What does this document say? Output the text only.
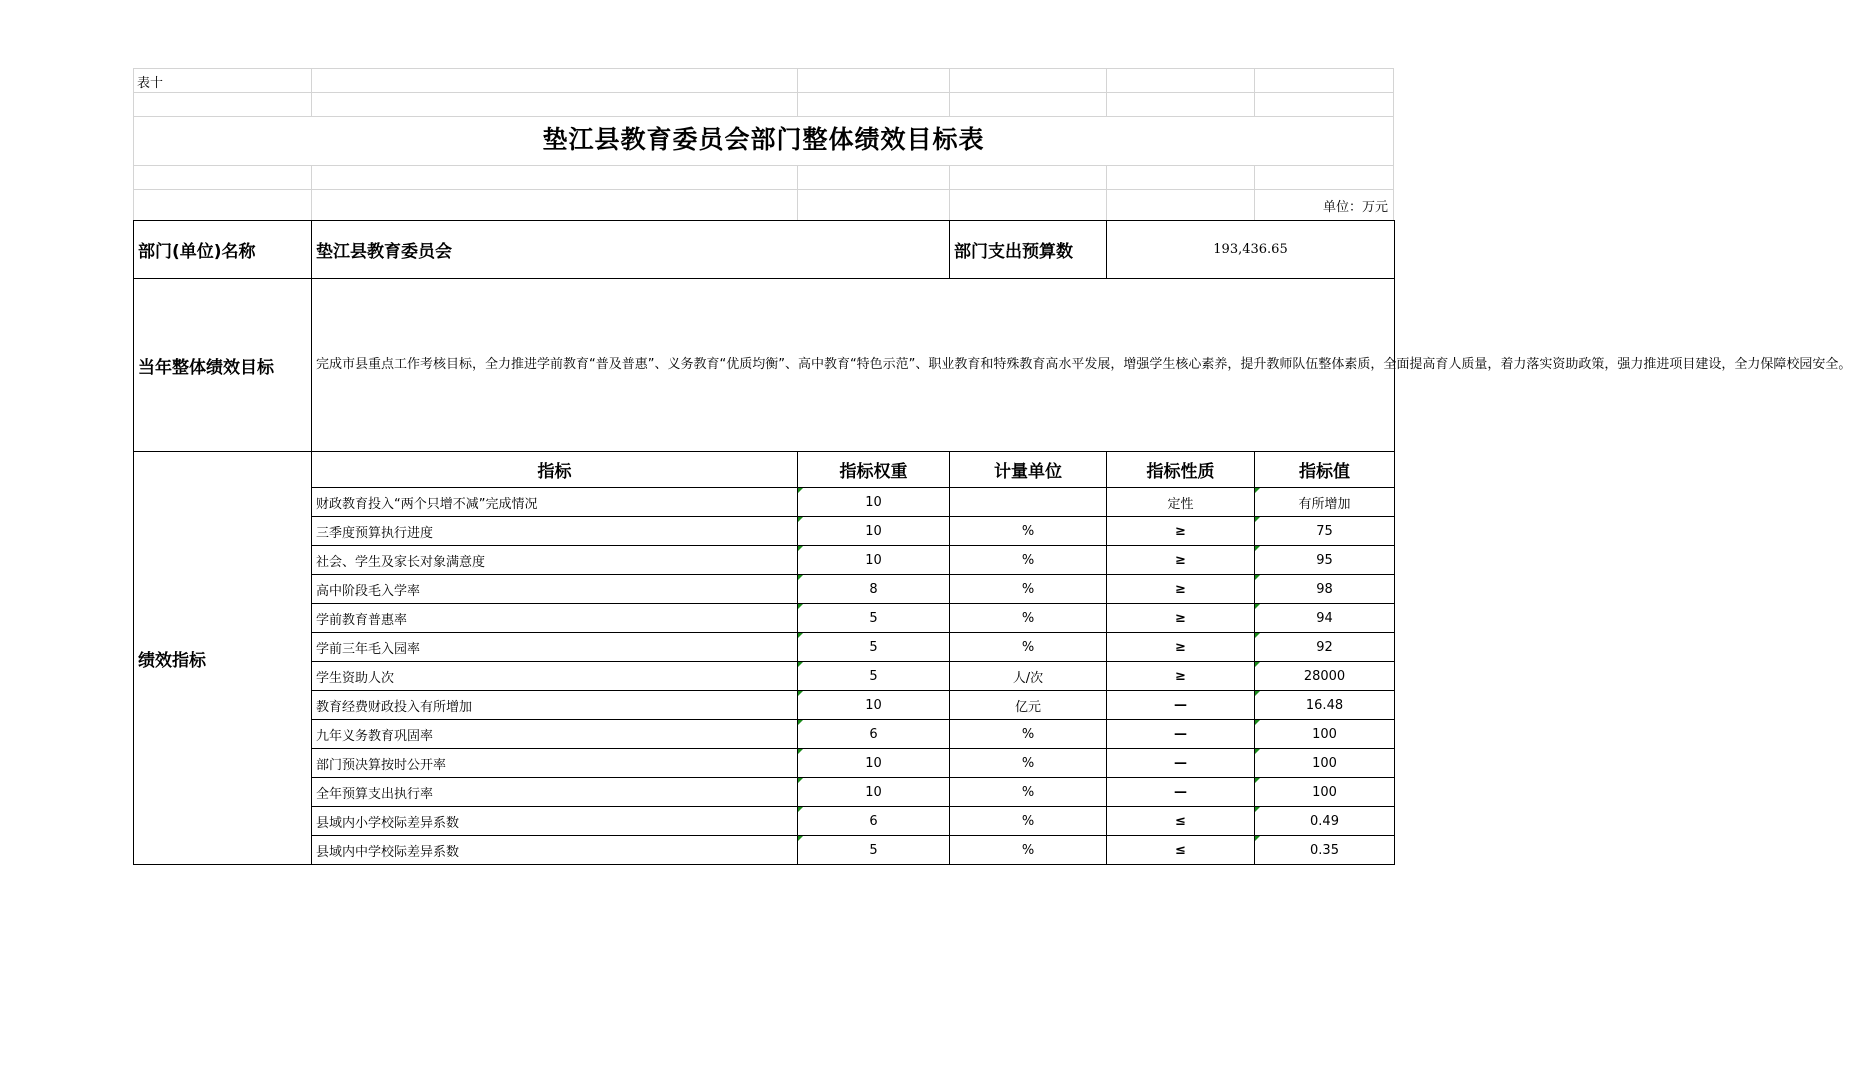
表十
垫江县教育委员会部门整体绩效目标表
单位：万元
部门(单位)名称	垫江县教育委员会		部门支出预算数	193,436.65	
当年整体绩效目标	完成市县重点工作考核目标，全力推进学前教育“普及普惠”、义务教育“优质均衡”、高中教育“特色示范”、职业教育和特殊教育高水平发展，增强学生核心素养，提升教师队伍整体素质，全面提高育人质量，着力落实资助政策，强力推进项目建设，全力保障校园安全。				
绩效指标	指标	指标权重	计量单位	指标性质	指标值
	财政教育投入“两个只增不减”完成情况	10		定性	有所增加
	三季度预算执行进度	10	%	≥	75
	社会、学生及家长对象满意度	10	%	≥	95
	高中阶段毛入学率	8	%	≥	98
	学前教育普惠率	5	%	≥	94
	学前三年毛入园率	5	%	≥	92
	学生资助人次	5	人/次	≥	28000
	教育经费财政投入有所增加	10	亿元	—	16.48
	九年义务教育巩固率	6	%	—	100
	部门预决算按时公开率	10	%	—	100
	全年预算支出执行率	10	%	—	100
	县域内小学校际差异系数	6	%	≤	0.49
	县域内中学校际差异系数	5	%	≤	0.35
